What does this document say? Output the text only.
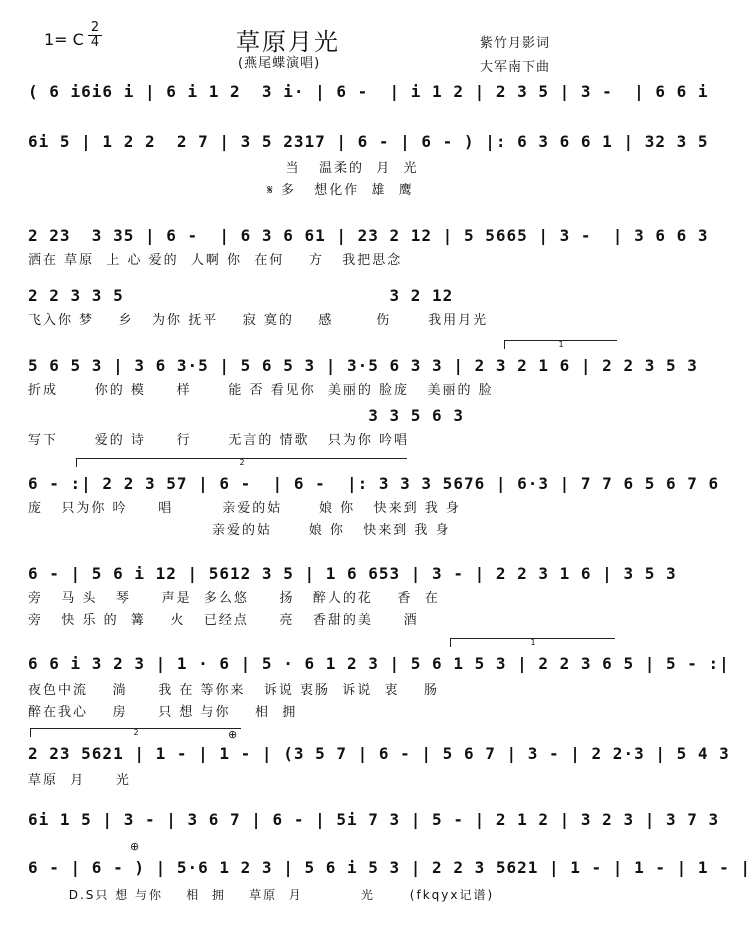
1= C
2
4	草原月光
(燕尾蝶演唱)
紫竹月影词
大军南下曲
( 6 i6i6 i | 6 i 1 2  3 i· | 6 -  | i 1 2 | 2 3 5 | 3 -  | 6 6 i
6i 5 | 1 2 2  2 7 | 3 5 2317 | 6 - | 6 - ) |: 6 3 6 6 1 | 32 3 5
当   温柔的  月  光
𝄋 多   想化作  雄  鹰
2 23  3 35 | 6 -  | 6 3 6 61 | 23 2 12 | 5 5665 | 3 -  | 3 6 6 3
洒在 草原  上 心 爱的  人啊 你  在何    方   我把思念
2 2 3 3 5                         3 2 12
飞入你 梦    乡   为你 抚平    寂 寞的    感       伤      我用月光
1
5 6 5 3 | 3 6 3·5 | 5 6 5 3 | 3·5 6 3 3 | 2 3 2 1 6 | 2 2 3 5 3
折成      你的 模     样      能 否 看见你  美丽的 脸庞   美丽的 脸
3 3 5 6 3
写下      爱的 诗     行      无言的 情歌   只为你 吟唱
2
6 - :| 2 2 3 57 | 6 -  | 6 -  |: 3 3 3 5676 | 6·3 | 7 7 6 5 6 7 6
庞   只为你 吟     唱        亲爱的姑      娘 你   快来到 我 身
亲爱的姑      娘 你   快来到 我 身
6 - | 5 6 i 12 | 5612 3 5 | 1 6 653 | 3 - | 2 2 3 1 6 | 3 5 3
旁   马 头   琴     声是  多么悠     扬   醉人的花    香  在
旁   快 乐 的  篝    火   已经点     亮   香甜的美     酒
1
6 6 i 3 2 3 | 1 · 6 | 5 · 6 1 2 3 | 5 6 1 5 3 | 2 2 3 6 5 | 5 - :|
夜色中流    淌     我 在 等你来   诉说 衷肠  诉说  衷    肠
醉在我心    房     只 想 与你    相  拥
2	⊕
2 23 5621 | 1 - | 1 - | (3 5 7 | 6 - | 5 6 7 | 3 - | 2 2·3 | 5 4 3
草原  月     光
6i 1 5 | 3 - | 3 6 7 | 6 - | 5i 7 3 | 5 - | 2 1 2 | 3 2 3 | 3 7 3
⊕
6 - | 6 - ) | 5·6 1 2 3 | 5 6 i 5 3 | 2 2 3 5621 | 1 - | 1 - | 1 - |
D.S只 想 与你    相  拥    草原  月          光      (fkqyx记谱)
